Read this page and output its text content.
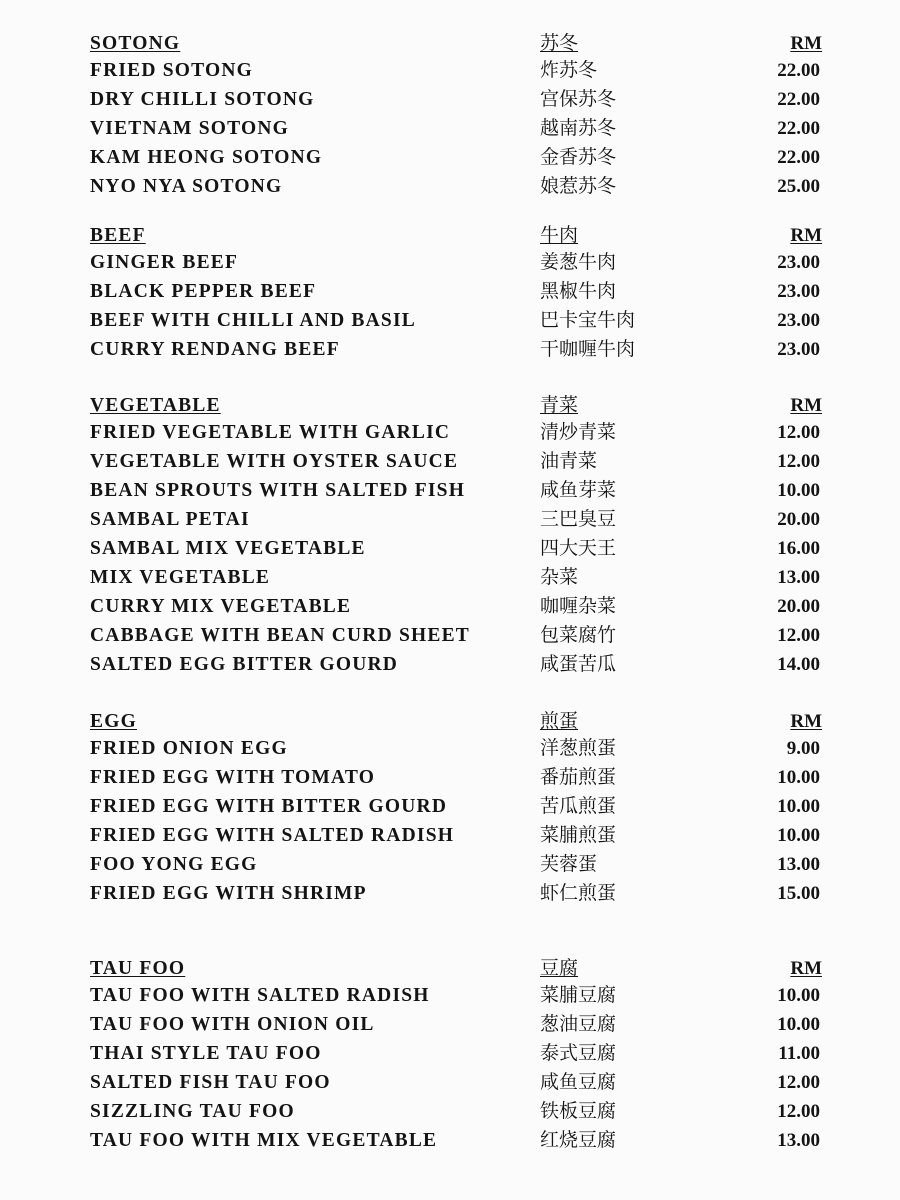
SOTONG	苏冬	RM
FRIED SOTONG	炸苏冬	22.00
DRY CHILLI SOTONG	宫保苏冬	22.00
VIETNAM SOTONG	越南苏冬	22.00
KAM HEONG SOTONG	金香苏冬	22.00
NYO NYA SOTONG	娘惹苏冬	25.00
BEEF	牛肉	RM
GINGER BEEF	姜葱牛肉	23.00
BLACK PEPPER BEEF	黑椒牛肉	23.00
BEEF WITH CHILLI AND BASIL	巴卡宝牛肉	23.00
CURRY RENDANG BEEF	干咖喱牛肉	23.00
VEGETABLE	青菜	RM
FRIED VEGETABLE WITH GARLIC	清炒青菜	12.00
VEGETABLE WITH OYSTER SAUCE	油青菜	12.00
BEAN SPROUTS WITH SALTED FISH	咸鱼芽菜	10.00
SAMBAL PETAI	三巴臭豆	20.00
SAMBAL MIX VEGETABLE	四大天王	16.00
MIX VEGETABLE	杂菜	13.00
CURRY MIX VEGETABLE	咖喱杂菜	20.00
CABBAGE WITH BEAN CURD SHEET	包菜腐竹	12.00
SALTED EGG BITTER GOURD	咸蛋苦瓜	14.00
EGG	煎蛋	RM
FRIED ONION EGG	洋葱煎蛋	9.00
FRIED EGG WITH TOMATO	番茄煎蛋	10.00
FRIED EGG WITH BITTER GOURD	苦瓜煎蛋	10.00
FRIED EGG WITH SALTED RADISH	菜脯煎蛋	10.00
FOO YONG EGG	芙蓉蛋	13.00
FRIED EGG WITH SHRIMP	虾仁煎蛋	15.00
TAU FOO	豆腐	RM
TAU FOO WITH SALTED RADISH	菜脯豆腐	10.00
TAU FOO WITH ONION OIL	葱油豆腐	10.00
THAI STYLE TAU FOO	泰式豆腐	11.00
SALTED FISH TAU FOO	咸鱼豆腐	12.00
SIZZLING TAU FOO	铁板豆腐	12.00
TAU FOO WITH MIX VEGETABLE	红烧豆腐	13.00
